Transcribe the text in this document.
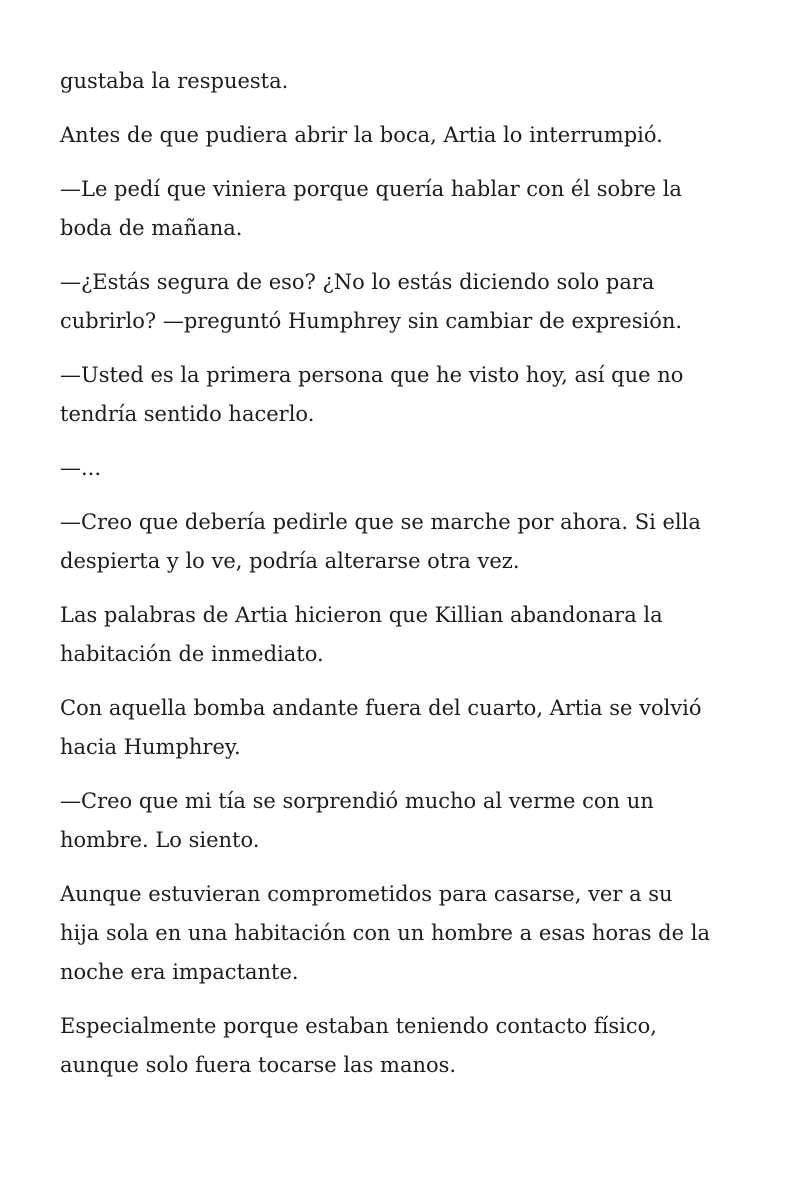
gustaba la respuesta.

Antes de que pudiera abrir la boca, Artia lo interrumpió.

—Le pedí que viniera porque quería hablar con él sobre la
boda de mañana.

—¿Estás segura de eso? ¿No lo estás diciendo solo para
cubrirlo? —preguntó Humphrey sin cambiar de expresión.

—Usted es la primera persona que he visto hoy, así que no
tendría sentido hacerlo.

—...

—Creo que debería pedirle que se marche por ahora. Si ella
despierta y lo ve, podría alterarse otra vez.

Las palabras de Artia hicieron que Killian abandonara la
habitación de inmediato.

Con aquella bomba andante fuera del cuarto, Artia se volvió
hacia Humphrey.

—Creo que mi tía se sorprendió mucho al verme con un
hombre. Lo siento.

Aunque estuvieran comprometidos para casarse, ver a su
hija sola en una habitación con un hombre a esas horas de la
noche era impactante.

Especialmente porque estaban teniendo contacto físico,
aunque solo fuera tocarse las manos.
